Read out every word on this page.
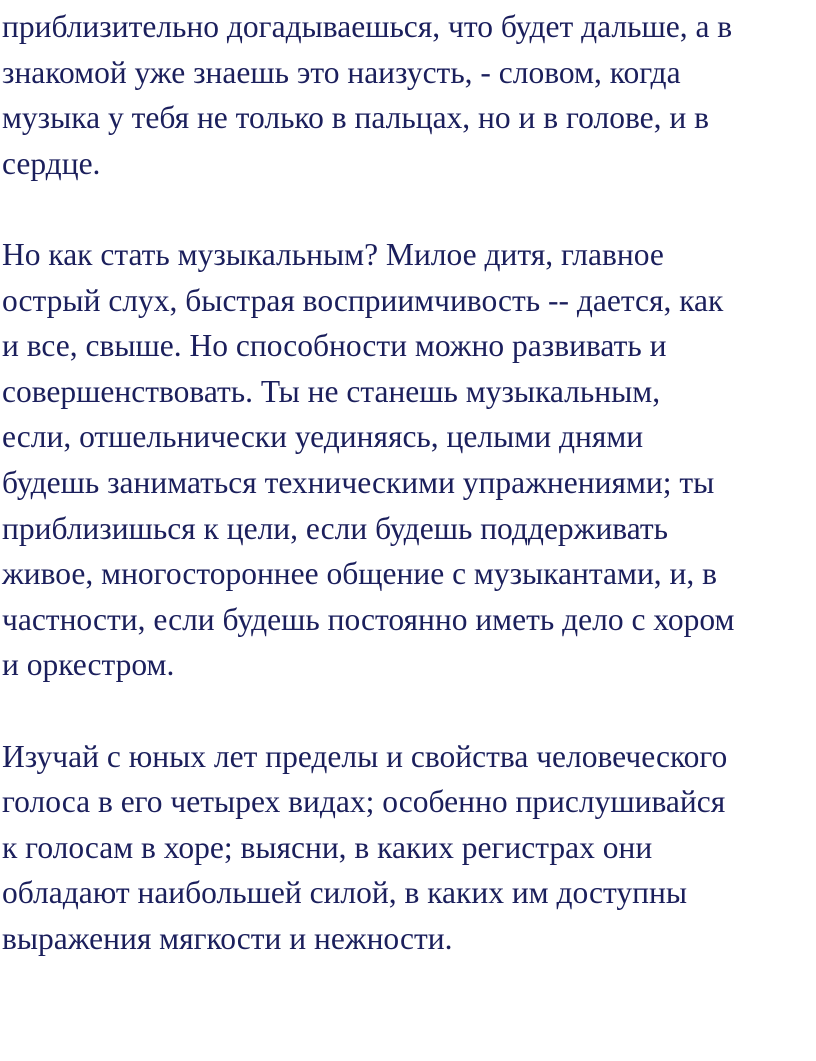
приблизительно догадываешься, что будет дальше, а в
знакомой уже знаешь это наизусть, - словом, когда
музыка у тебя не только в пальцах, но и в голове, и в
сердце.
Но как стать музыкальным? Милое дитя, главное
острый слух, быстрая восприимчивость -- дается, как
и все, свыше. Но способности можно развивать и
совершенствовать. Ты не станешь музыкальным,
если, отшельнически уединяясь, целыми днями
будешь заниматься техническими упражнениями; ты
приблизишься к цели, если будешь поддерживать
живое, многостороннее общение с музыкантами, и, в
частности, если будешь постоянно иметь дело с хором
и оркестром.
Изучай с юных лет пределы и свойства человеческого
голоса в его четырех видах; особенно прислушивайся
к голосам в хоре; выясни, в каких регистрах они
обладают наибольшей силой, в каких им доступны
выражения мягкости и нежности.
